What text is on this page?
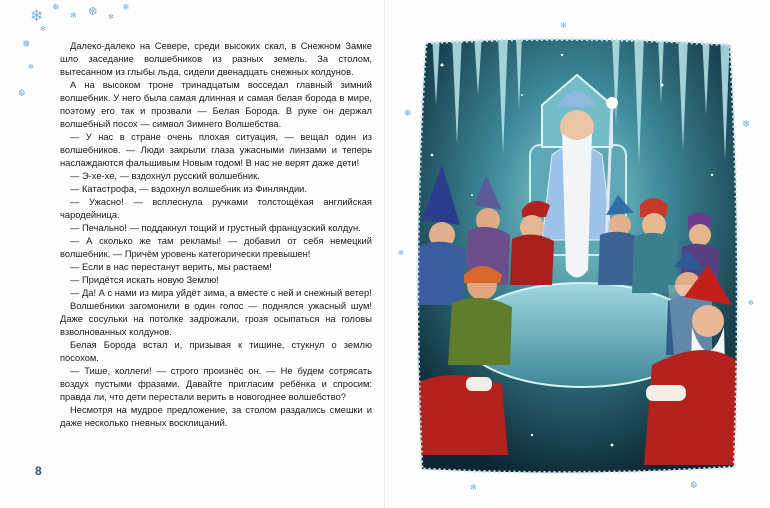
❄ ❅
✻ ❆ ✻
❄
✻
❅
✻
❆

Далеко-далеко на Севере, среди высоких скал, в Снежном Замке шло заседание волшебников из разных земель. За столом, вытесанном из глыбы льда, сидели двенадцать снежных колдунов.

А на высоком троне тринадцатым восседал главный зимний волшебник. У него была самая длинная и самая белая борода в мире, поэтому его так и прозвали — Белая Борода. В руке он держал волшебный посох — символ Зимнего Волшебства.

— У нас в стране очень плохая ситуация, — вещал один из волшебников. — Люди закрыли глаза ужасными линзами и теперь наслаждаются фальшивым Новым годом! В нас не верят даже дети!

— Э-хе-хе, — вздохнул русский волшебник.

— Катастрофа, — вздохнул волшебник из Финляндии.

— Ужасно! — всплеснула ручками толстощёкая английская чародейница.

— Печально! — поддакнул тощий и грустный французский колдун.

— А сколько же там рекламы! — добавил от себя немецкий волшебник. — Причём уровень категорически превышен!

— Если в нас перестанут верить, мы растаем!

— Придётся искать новую Землю!

— Да! А с нами из мира уйдёт зима, а вместе с ней и снежный ветер!

Волшебники загомонили в один голос — поднялся ужасный шум! Даже сосульки на потолке задрожали, грозя осыпаться на головы взволнованных колдунов.

Белая Борода встал и, призывая к тишине, стукнул о землю посохом.

— Тише, коллеги! — строго произнёс он. — Не будем сотрясать воздух пустыми фразами. Давайте пригласим ребёнка и спросим: правда ли, что дети перестали верить в новогоднее волшебство?

Несмотря на мудрое предложение, за столом раздались смешки и даже несколько гневных восклицаний.

8
✻
❅
✻
❄
✻
❆
✻
